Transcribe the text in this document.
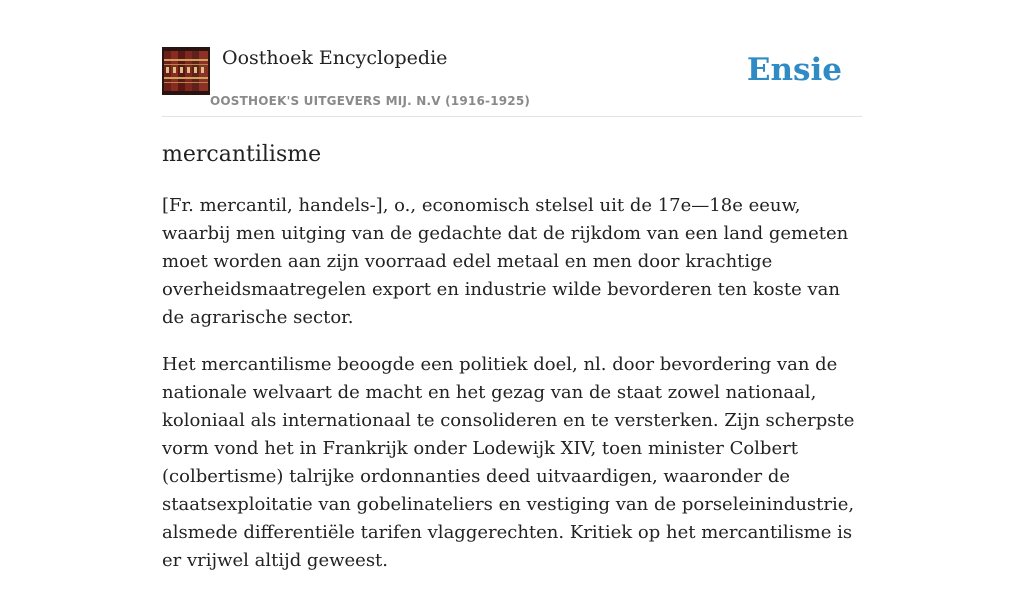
Oosthoek Encyclopedie
OOSTHOEK'S UITGEVERS MIJ. N.V (1916-1925)
Ensie
mercantilisme

[Fr. mercantil, handels-], o., economisch stelsel uit de 17e—18e eeuw, waarbij men uitging van de gedachte dat de rijkdom van een land gemeten moet worden aan zijn voorraad edel metaal en men door krachtige overheidsmaatregelen export en industrie wilde bevorderen ten koste van de agrarische sector.

Het mercantilisme beoogde een politiek doel, nl. door bevordering van de nationale welvaart de macht en het gezag van de staat zowel nationaal, koloniaal als internationaal te consolideren en te versterken. Zijn scherpste vorm vond het in Frankrijk onder Lodewijk XIV, toen minister Colbert (colbertisme) talrijke ordonnanties deed uitvaardigen, waaronder de staatsexploitatie van gobelinateliers en vestiging van de porseleinindustrie, alsmede differentiële tarifen vlaggerechten. Kritiek op het mercantilisme is er vrijwel altijd geweest.
